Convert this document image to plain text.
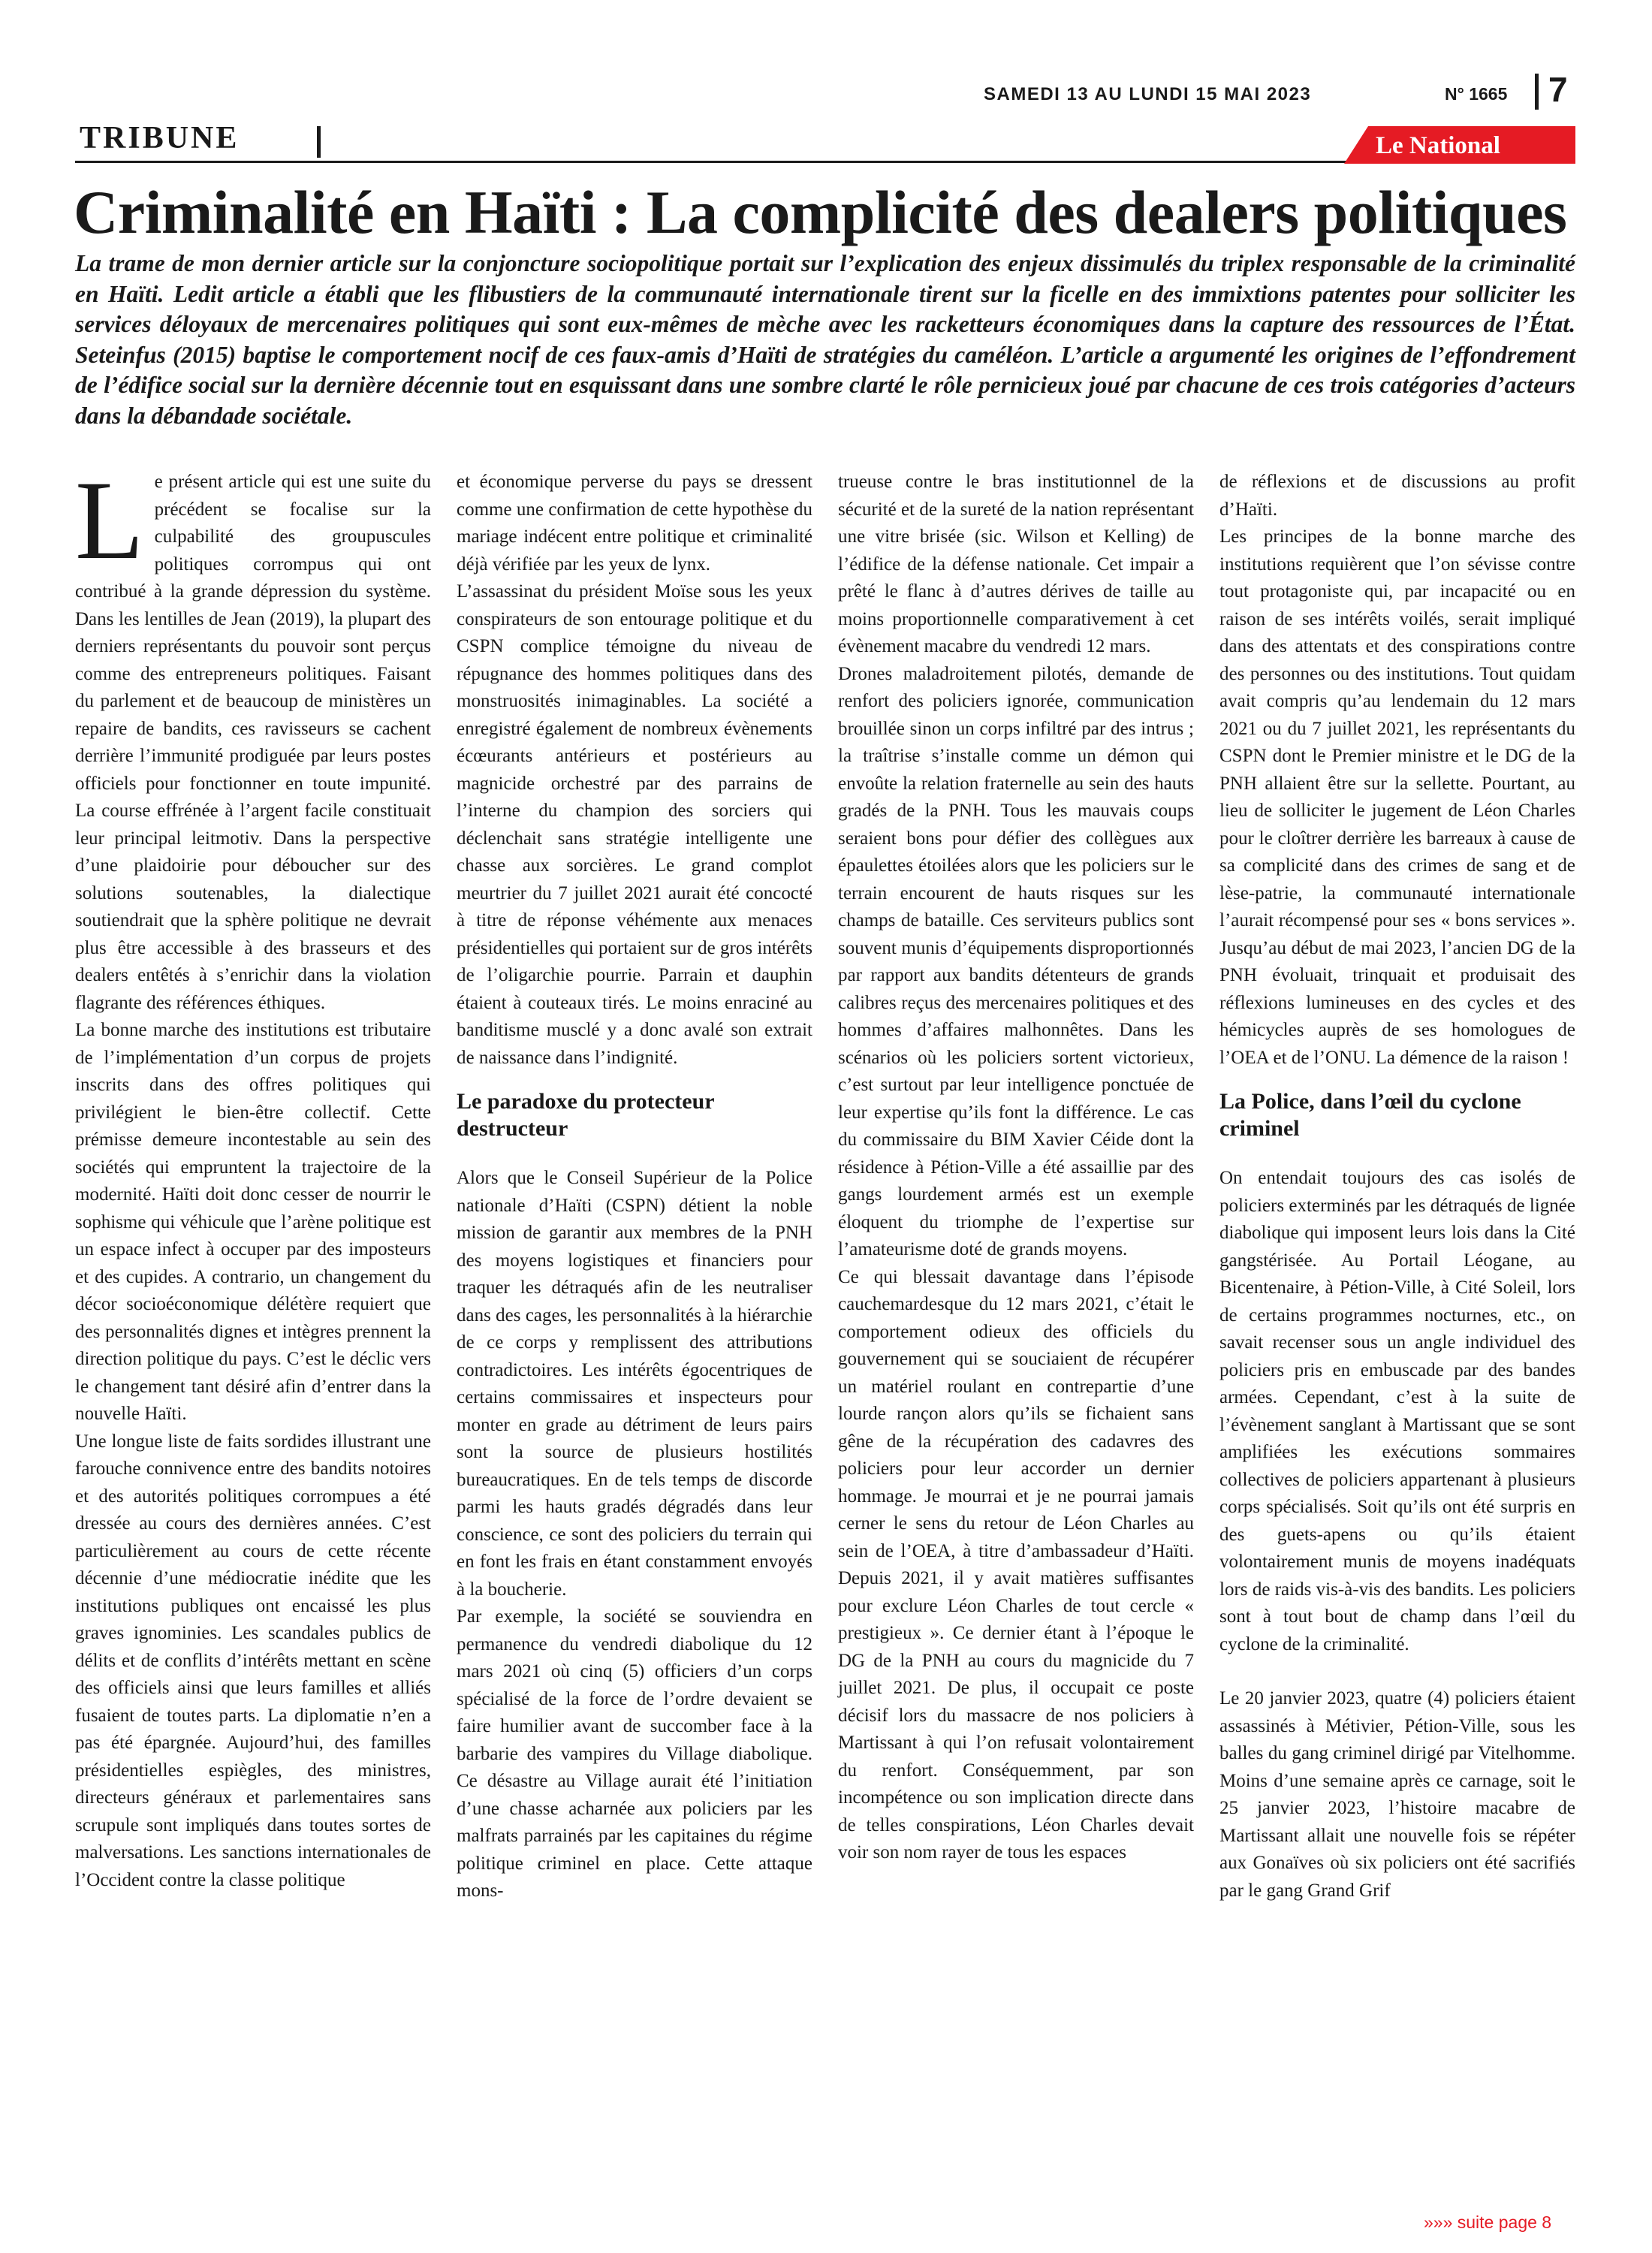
SAMEDI 13 AU LUNDI 15 MAI 2023	N° 1665 7
TRIBUNE	Le National
Criminalité en Haïti : La complicité des dealers politiques

La trame de mon dernier article sur la conjoncture sociopolitique portait sur l’explication des enjeux dissimulés du triplex responsable de la criminalité en Haïti. Ledit article a établi que les flibustiers de la communauté internationale tirent sur la ficelle en des immixtions patentes pour solliciter les services déloyaux de mercenaires politiques qui sont eux-mêmes de mèche avec les racketteurs économiques dans la capture des ressources de l’État. Seteinfus (2015) baptise le comportement nocif de ces faux-amis d’Haïti de stratégies du caméléon. L’article a argumenté les origines de l’effondrement de l’édifice social sur la dernière décennie tout en esquissant dans une sombre clarté le rôle pernicieux joué par chacune de ces trois catégories d’acteurs dans la débandade sociétale.

L e présent article qui est une suite du précédent se focalise sur la culpabilité des groupuscules politiques corrompus qui ont contribué à la grande dépression du système. Dans les lentilles de Jean (2019), la plupart des derniers représentants du pouvoir sont perçus comme des entrepreneurs politiques. Faisant du parlement et de beaucoup de ministères un repaire de bandits, ces ravisseurs se cachent derrière l’immunité prodiguée par leurs postes officiels pour fonctionner en toute impunité. La course effrénée à l’argent facile constituait leur principal leitmotiv. Dans la perspective d’une plaidoirie pour déboucher sur des solutions soutenables, la dialectique soutiendrait que la sphère politique ne devrait plus être accessible à des brasseurs et des dealers entêtés à s’enrichir dans la violation flagrante des références éthiques.

La bonne marche des institutions est tributaire de l’implémentation d’un corpus de projets inscrits dans des offres politiques qui privilégient le bien-être collectif. Cette prémisse demeure incontestable au sein des sociétés qui empruntent la trajectoire de la modernité. Haïti doit donc cesser de nourrir le sophisme qui véhicule que l’arène politique est un espace infect à occuper par des imposteurs et des cupides. A contrario, un changement du décor socioéconomique délétère requiert que des personnalités dignes et intègres prennent la direction politique du pays. C’est le déclic vers le changement tant désiré afin d’entrer dans la nouvelle Haïti.

Une longue liste de faits sordides illustrant une farouche connivence entre des bandits notoires et des autorités politiques corrompues a été dressée au cours des dernières années. C’est particulièrement au cours de cette récente décennie d’une médiocratie inédite que les institutions publiques ont encaissé les plus graves ignominies. Les scandales publics de délits et de conflits d’intérêts mettant en scène des officiels ainsi que leurs familles et alliés fusaient de toutes parts. La diplomatie n’en a pas été épargnée. Aujourd’hui, des familles présidentielles espiègles, des ministres, directeurs généraux et parlementaires sans scrupule sont impliqués dans toutes sortes de malversations. Les sanctions internationales de l’Occident contre la classe politique

et économique perverse du pays se dressent comme une confirmation de cette hypothèse du mariage indécent entre politique et criminalité déjà vérifiée par les yeux de lynx.

L’assassinat du président Moïse sous les yeux conspirateurs de son entourage politique et du CSPN complice témoigne du niveau de répugnance des hommes politiques dans des monstruosités inimaginables. La société a enregistré également de nombreux évènements écœurants antérieurs et postérieurs au magnicide orchestré par des parrains de l’interne du champion des sorciers qui déclenchait sans stratégie intelligente une chasse aux sorcières. Le grand complot meurtrier du 7 juillet 2021 aurait été concocté à titre de réponse véhémente aux menaces présidentielles qui portaient sur de gros intérêts de l’oligarchie pourrie. Parrain et dauphin étaient à couteaux tirés. Le moins enraciné au banditisme musclé y a donc avalé son extrait de naissance dans l’indignité.

Le paradoxe du protecteur destructeur

Alors que le Conseil Supérieur de la Police nationale d’Haïti (CSPN) détient la noble mission de garantir aux membres de la PNH des moyens logistiques et financiers pour traquer les détraqués afin de les neutraliser dans des cages, les personnalités à la hiérarchie de ce corps y remplissent des attributions contradictoires. Les intérêts égocentriques de certains commissaires et inspecteurs pour monter en grade au détriment de leurs pairs sont la source de plusieurs hostilités bureaucratiques. En de tels temps de discorde parmi les hauts gradés dégradés dans leur conscience, ce sont des policiers du terrain qui en font les frais en étant constamment envoyés à la boucherie.

Par exemple, la société se souviendra en permanence du vendredi diabolique du 12 mars 2021 où cinq (5) officiers d’un corps spécialisé de la force de l’ordre devaient se faire humilier avant de succomber face à la barbarie des vampires du Village diabolique. Ce désastre au Village aurait été l’initiation d’une chasse acharnée aux policiers par les malfrats parrainés par les capitaines du régime politique criminel en place. Cette attaque mons-

trueuse contre le bras institutionnel de la sécurité et de la sureté de la nation représentant une vitre brisée (sic. Wilson et Kelling) de l’édifice de la défense nationale. Cet impair a prêté le flanc à d’autres dérives de taille au moins proportionnelle comparativement à cet évènement macabre du vendredi 12 mars.

Drones maladroitement pilotés, demande de renfort des policiers ignorée, communication brouillée sinon un corps infiltré par des intrus ; la traîtrise s’installe comme un démon qui envoûte la relation fraternelle au sein des hauts gradés de la PNH. Tous les mauvais coups seraient bons pour défier des collègues aux épaulettes étoilées alors que les policiers sur le terrain encourent de hauts risques sur les champs de bataille. Ces serviteurs publics sont souvent munis d’équipements disproportionnés par rapport aux bandits détenteurs de grands calibres reçus des mercenaires politiques et des hommes d’affaires malhonnêtes. Dans les scénarios où les policiers sortent victorieux, c’est surtout par leur intelligence ponctuée de leur expertise qu’ils font la différence. Le cas du commissaire du BIM Xavier Céide dont la résidence à Pétion-Ville a été assaillie par des gangs lourdement armés est un exemple éloquent du triomphe de l’expertise sur l’amateurisme doté de grands moyens.

Ce qui blessait davantage dans l’épisode cauchemardesque du 12 mars 2021, c’était le comportement odieux des officiels du gouvernement qui se souciaient de récupérer un matériel roulant en contrepartie d’une lourde rançon alors qu’ils se fichaient sans gêne de la récupération des cadavres des policiers pour leur accorder un dernier hommage. Je mourrai et je ne pourrai jamais cerner le sens du retour de Léon Charles au sein de l’OEA, à titre d’ambassadeur d’Haïti. Depuis 2021, il y avait matières suffisantes pour exclure Léon Charles de tout cercle « prestigieux ». Ce dernier étant à l’époque le DG de la PNH au cours du magnicide du 7 juillet 2021. De plus, il occupait ce poste décisif lors du massacre de nos policiers à Martissant à qui l’on refusait volontairement du renfort. Conséquemment, par son incompétence ou son implication directe dans de telles conspirations, Léon Charles devait voir son nom rayer de tous les espaces

de réflexions et de discussions au profit d’Haïti.

Les principes de la bonne marche des institutions requièrent que l’on sévisse contre tout protagoniste qui, par incapacité ou en raison de ses intérêts voilés, serait impliqué dans des attentats et des conspirations contre des personnes ou des institutions. Tout quidam avait compris qu’au lendemain du 12 mars 2021 ou du 7 juillet 2021, les représentants du CSPN dont le Premier ministre et le DG de la PNH allaient être sur la sellette. Pourtant, au lieu de solliciter le jugement de Léon Charles pour le cloîtrer derrière les barreaux à cause de sa complicité dans des crimes de sang et de lèse-patrie, la communauté internationale l’aurait récompensé pour ses « bons services ». Jusqu’au début de mai 2023, l’ancien DG de la PNH évoluait, trinquait et produisait des réflexions lumineuses en des cycles et des hémicycles auprès de ses homologues de l’OEA et de l’ONU. La démence de la raison !

La Police, dans l’œil du cyclone criminel

On entendait toujours des cas isolés de policiers exterminés par les détraqués de lignée diabolique qui imposent leurs lois dans la Cité gangstérisée. Au Portail Léogane, au Bicentenaire, à Pétion-Ville, à Cité Soleil, lors de certains programmes nocturnes, etc., on savait recenser sous un angle individuel des policiers pris en embuscade par des bandes armées. Cependant, c’est à la suite de l’évènement sanglant à Martissant que se sont amplifiées les exécutions sommaires collectives de policiers appartenant à plusieurs corps spécialisés. Soit qu’ils ont été surpris en des guets-apens ou qu’ils étaient volontairement munis de moyens inadéquats lors de raids vis-à-vis des bandits. Les policiers sont à tout bout de champ dans l’œil du cyclone de la criminalité.

Le 20 janvier 2023, quatre (4) policiers étaient assassinés à Métivier, Pétion-Ville, sous les balles du gang criminel dirigé par Vitelhomme. Moins d’une semaine après ce carnage, soit le 25 janvier 2023, l’histoire macabre de Martissant allait une nouvelle fois se répéter aux Gonaïves où six policiers ont été sacrifiés par le gang Grand Grif

»»» suite page 8
